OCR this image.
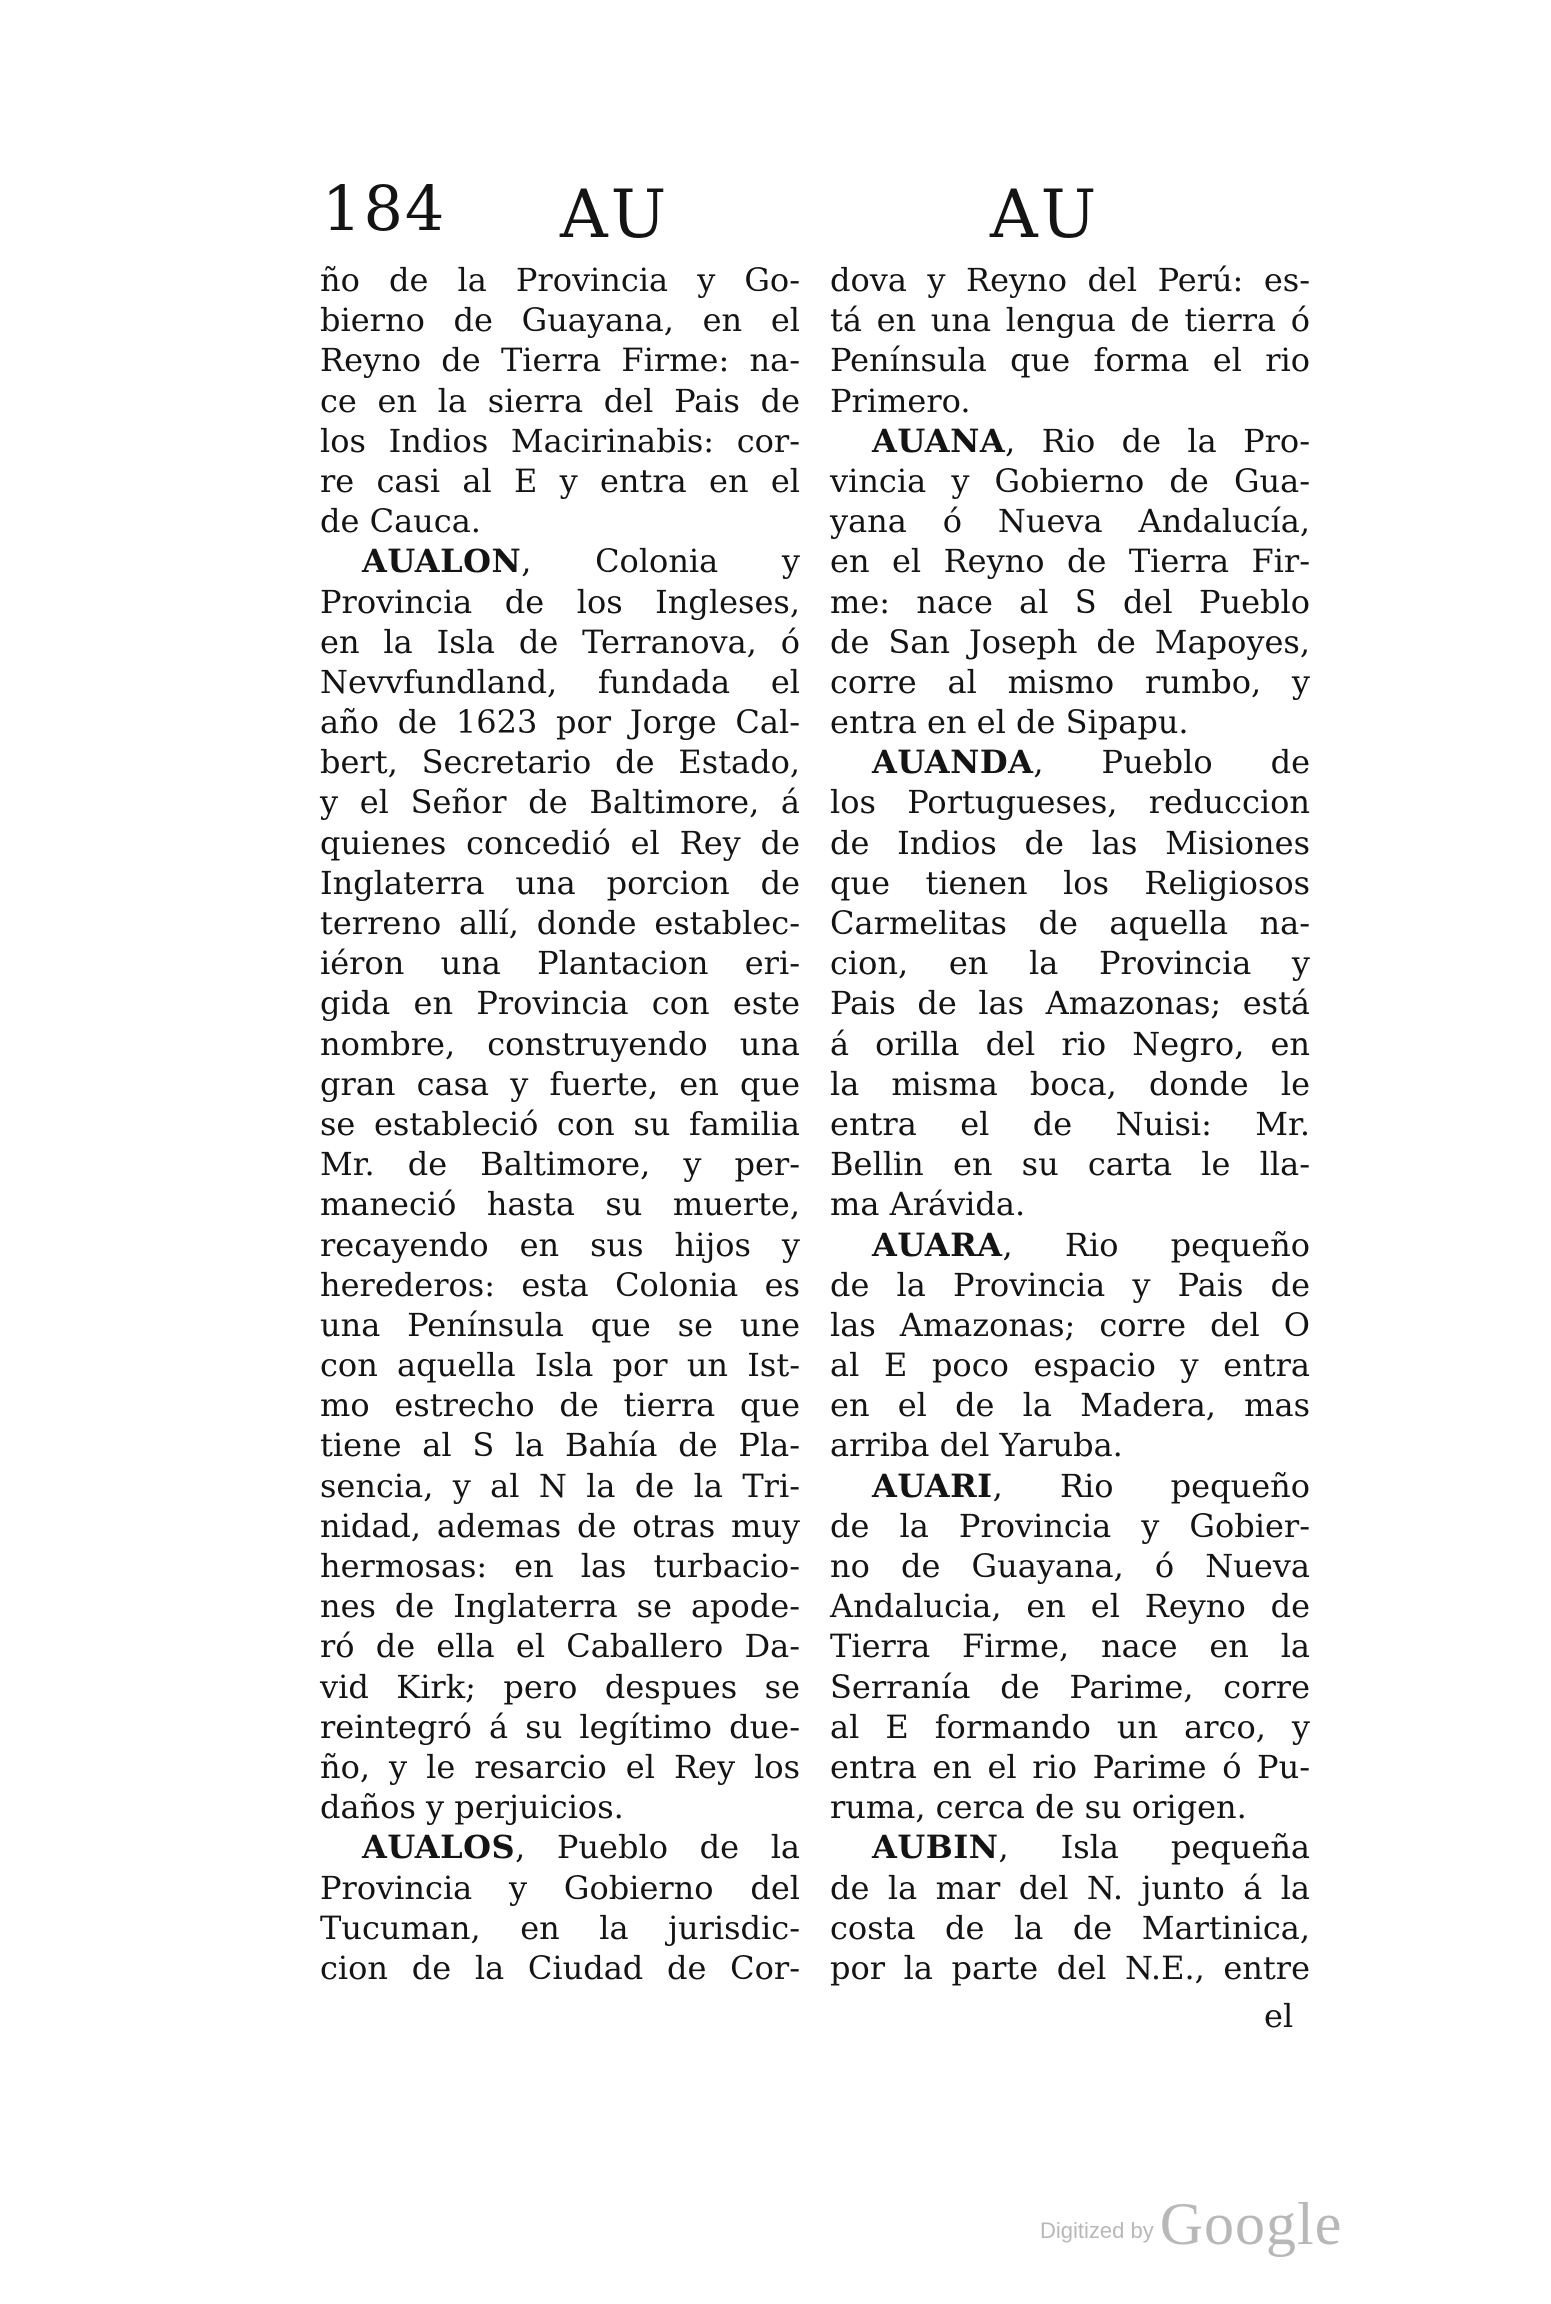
184 AU	AU
ño de la Provincia y Go-
bierno de Guayana, en el
Reyno de Tierra Firme: na-
ce en la sierra del Pais de
los Indios Macirinabis: cor-
re casi al E y entra en el
de Cauca.
AUALON, Colonia y
Provincia de los Ingleses,
en la Isla de Terranova, ó
Nevvfundland, fundada el
año de 1623 por Jorge Cal-
bert, Secretario de Estado,
y el Señor de Baltimore, á
quienes concedió el Rey de
Inglaterra una porcion de
terreno allí, donde establec-
iéron una Plantacion eri-
gida en Provincia con este
nombre, construyendo una
gran casa y fuerte, en que
se estableció con su familia
Mr. de Baltimore, y per-
maneció hasta su muerte,
recayendo en sus hijos y
herederos: esta Colonia es
una Península que se une
con aquella Isla por un Ist-
mo estrecho de tierra que
tiene al S la Bahía de Pla-
sencia, y al N la de la Tri-
nidad, ademas de otras muy
hermosas: en las turbacio-
nes de Inglaterra se apode-
ró de ella el Caballero Da-
vid Kirk; pero despues se
reintegró á su legítimo due-
ño, y le resarcio el Rey los
daños y perjuicios.
AUALOS, Pueblo de la
Provincia y Gobierno del
Tucuman, en la jurisdic-
cion de la Ciudad de Cor-
dova y Reyno del Perú: es-
tá en una lengua de tierra ó
Península que forma el rio
Primero.
AUANA, Rio de la Pro-
vincia y Gobierno de Gua-
yana ó Nueva Andalucía,
en el Reyno de Tierra Fir-
me: nace al S del Pueblo
de San Joseph de Mapoyes,
corre al mismo rumbo, y
entra en el de Sipapu.
AUANDA, Pueblo de
los Portugueses, reduccion
de Indios de las Misiones
que tienen los Religiosos
Carmelitas de aquella na-
cion, en la Provincia y
Pais de las Amazonas; está
á orilla del rio Negro, en
la misma boca, donde le
entra el de Nuisi: Mr.
Bellin en su carta le lla-
ma Arávida.
AUARA, Rio pequeño
de la Provincia y Pais de
las Amazonas; corre del O
al E poco espacio y entra
en el de la Madera, mas
arriba del Yaruba.
AUARI, Rio pequeño
de la Provincia y Gobier-
no de Guayana, ó Nueva
Andalucia, en el Reyno de
Tierra Firme, nace en la
Serranía de Parime, corre
al E formando un arco, y
entra en el rio Parime ó Pu-
ruma, cerca de su origen.
AUBIN, Isla pequeña
de la mar del N. junto á la
costa de la de Martinica,
por la parte del N.E., entre
el
Digitized by Google
